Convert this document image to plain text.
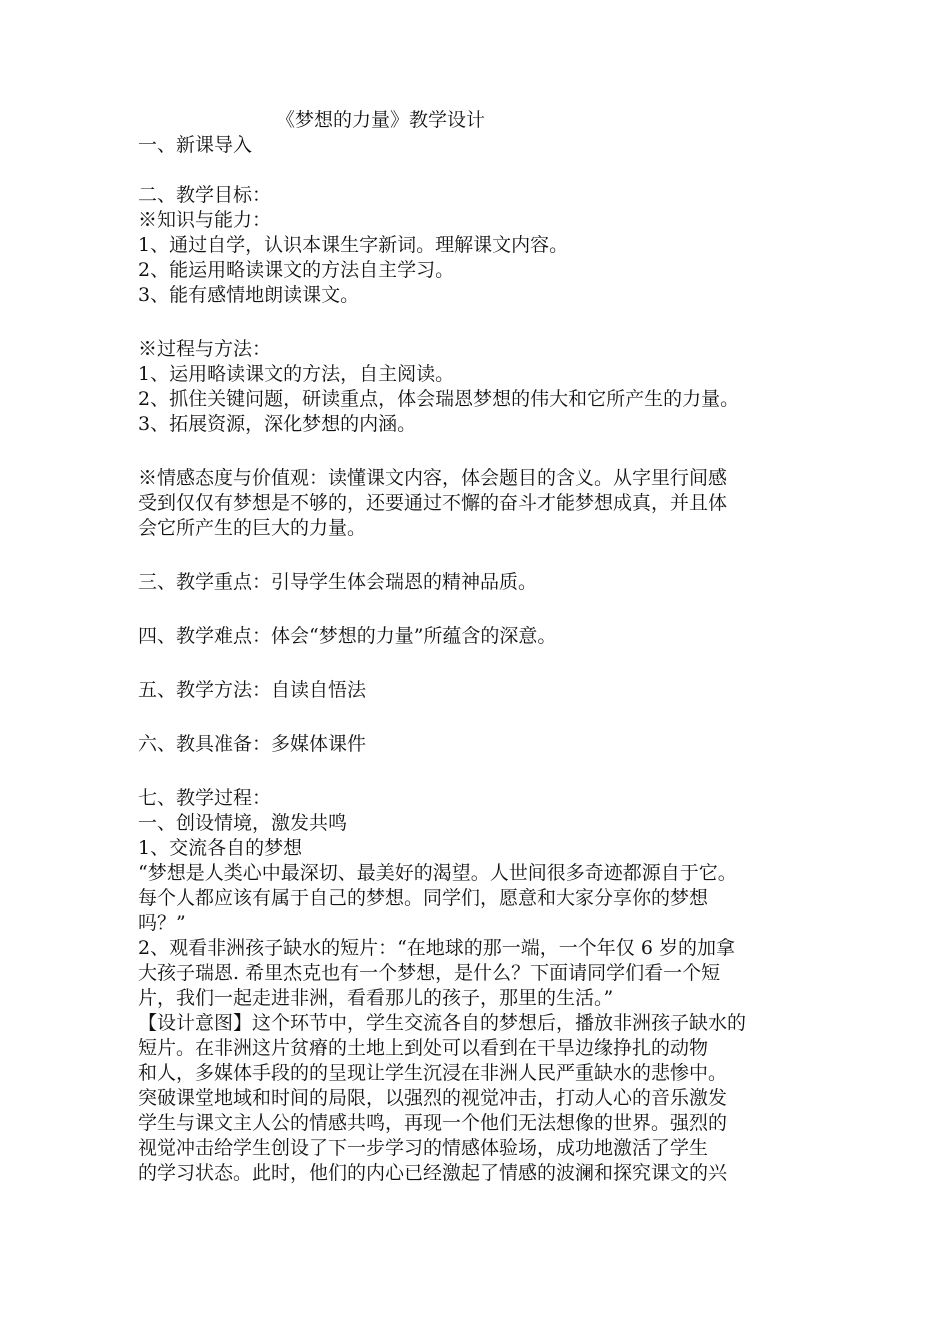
《梦想的力量》教学设计
一、新课导入
二、教学目标：
※知识与能力：
1、通过自学，认识本课生字新词。理解课文内容。
2、能运用略读课文的方法自主学习。
3、能有感情地朗读课文。
※过程与方法：
1、运用略读课文的方法，自主阅读。
2、抓住关键问题，研读重点，体会瑞恩梦想的伟大和它所产生的力量。
3、拓展资源，深化梦想的内涵。
※情感态度与价值观：读懂课文内容，体会题目的含义。从字里行间感
受到仅仅有梦想是不够的，还要通过不懈的奋斗才能梦想成真，并且体
会它所产生的巨大的力量。
三、教学重点：引导学生体会瑞恩的精神品质。
四、教学难点：体会“梦想的力量”所蕴含的深意。
五、教学方法：自读自悟法
六、教具准备：多媒体课件
七、教学过程：
一、创设情境，激发共鸣
1、交流各自的梦想
“梦想是人类心中最深切、最美好的渴望。人世间很多奇迹都源自于它。
每个人都应该有属于自己的梦想。同学们，愿意和大家分享你的梦想
吗？”
2、观看非洲孩子缺水的短片：“在地球的那一端，一个年仅 6 岁的加拿
大孩子瑞恩. 希里杰克也有一个梦想，是什么？下面请同学们看一个短
片，我们一起走进非洲，看看那儿的孩子，那里的生活。”
【设计意图】这个环节中，学生交流各自的梦想后，播放非洲孩子缺水的
短片。在非洲这片贫瘠的土地上到处可以看到在干旱边缘挣扎的动物
和人，多媒体手段的的呈现让学生沉浸在非洲人民严重缺水的悲惨中。
突破课堂地域和时间的局限，以强烈的视觉冲击，打动人心的音乐激发
学生与课文主人公的情感共鸣，再现一个他们无法想像的世界。强烈的
视觉冲击给学生创设了下一步学习的情感体验场，成功地激活了学生
的学习状态。此时，他们的内心已经激起了情感的波澜和探究课文的兴
